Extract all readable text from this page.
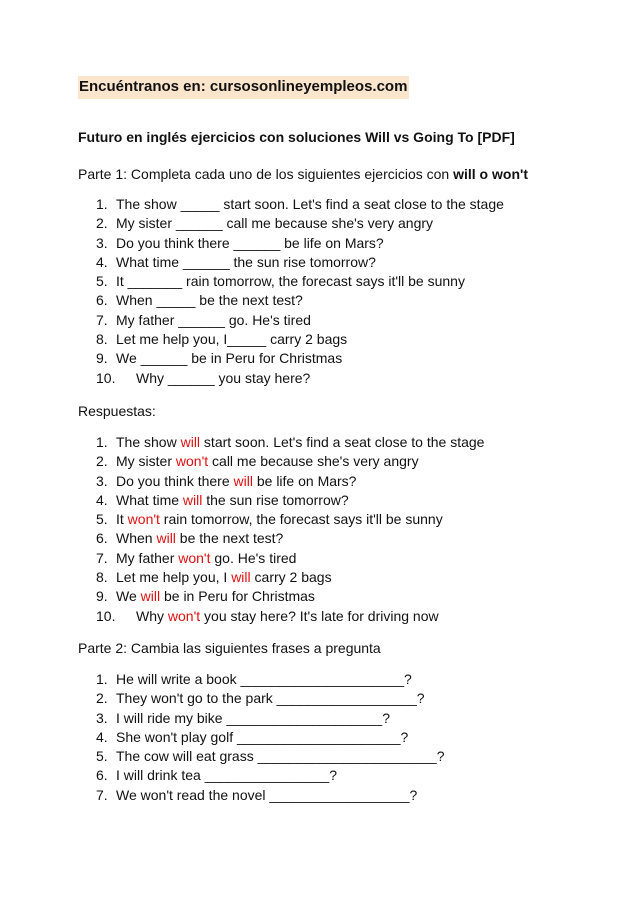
Encuéntranos en: cursosonlineyempleos.com
Futuro en inglés ejercicios con soluciones Will vs Going To [PDF]
Parte 1: Completa cada uno de los siguientes ejercicios con will o won't
1. The show _____ start soon. Let's find a seat close to the stage
2. My sister ______ call me because she's very angry
3. Do you think there ______ be life on Mars?
4. What time ______ the sun rise tomorrow?
5. It _______ rain tomorrow, the forecast says it'll be sunny
6. When _____ be the next test?
7. My father ______ go. He's tired
8. Let me help you, I_____ carry 2 bags
9. We ______ be in Peru for Christmas
10. Why ______ you stay here?
Respuestas:
1. The show will start soon. Let's find a seat close to the stage
2. My sister won't call me because she's very angry
3. Do you think there will be life on Mars?
4. What time will the sun rise tomorrow?
5. It won't rain tomorrow, the forecast says it'll be sunny
6. When will be the next test?
7. My father won't go. He's tired
8. Let me help you, I will carry 2 bags
9. We will be in Peru for Christmas
10. Why won't you stay here? It's late for driving now
Parte 2: Cambia las siguientes frases a pregunta
1. He will write a book _____________________?
2. They won't go to the park __________________?
3. I will ride my bike ____________________?
4. She won't play golf _____________________?
5. The cow will eat grass _______________________?
6. I will drink tea ________________?
7. We won't read the novel __________________?
